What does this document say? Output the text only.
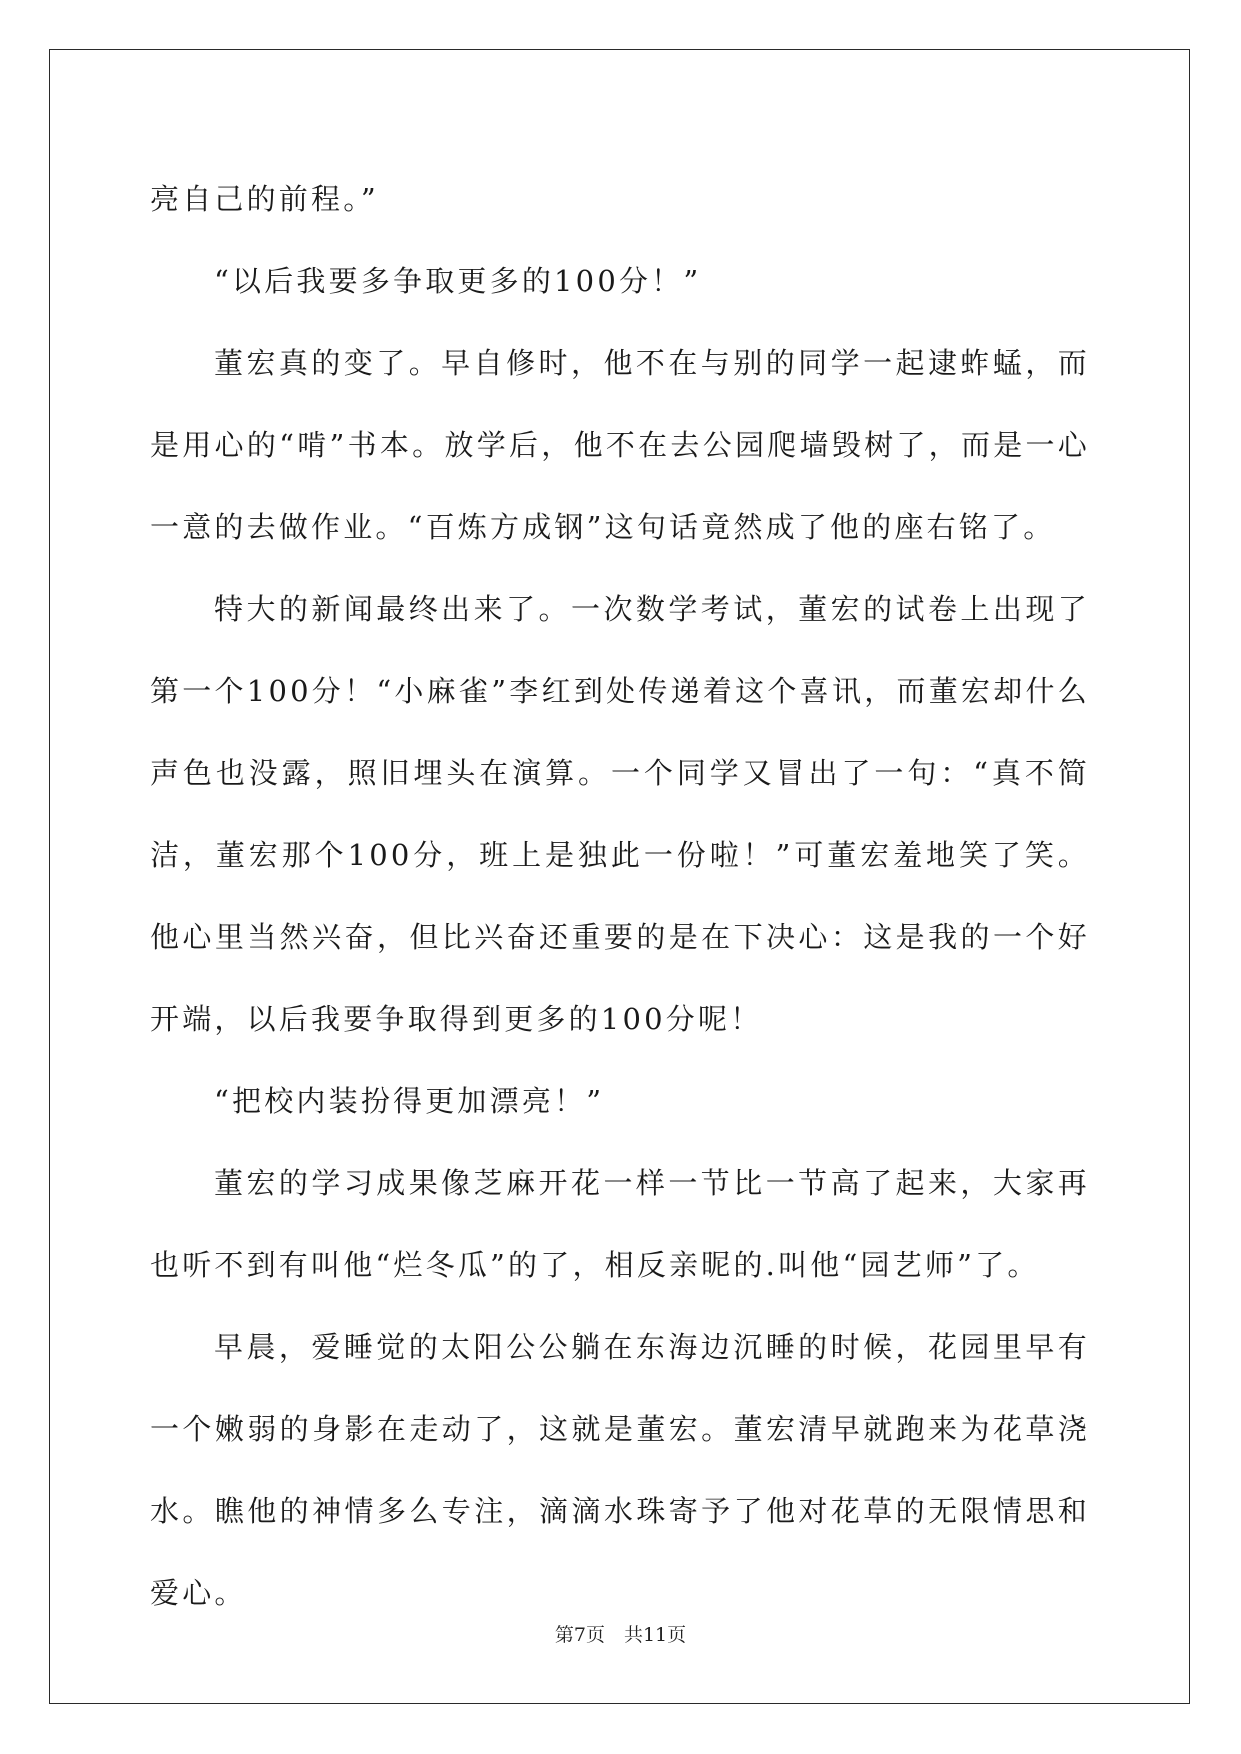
亮自己的前程。”

“以后我要多争取更多的100分！”

董宏真的变了。早自修时，他不在与别的同学一起逮蚱蜢，而是用心的“啃”书本。放学后，他不在去公园爬墙毁树了，而是一心一意的去做作业。“百炼方成钢”这句话竟然成了他的座右铭了。

特大的新闻最终出来了。一次数学考试，董宏的试卷上出现了第一个100分！“小麻雀”李红到处传递着这个喜讯，而董宏却什么声色也没露，照旧埋头在演算。一个同学又冒出了一句：“真不简洁，董宏那个100分，班上是独此一份啦！”可董宏羞地笑了笑。他心里当然兴奋，但比兴奋还重要的是在下决心：这是我的一个好开端，以后我要争取得到更多的100分呢！

“把校内装扮得更加漂亮！”

董宏的学习成果像芝麻开花一样一节比一节高了起来，大家再也听不到有叫他“烂冬瓜”的了，相反亲昵的.叫他“园艺师”了。

早晨，爱睡觉的太阳公公躺在东海边沉睡的时候，花园里早有一个嫩弱的身影在走动了，这就是董宏。董宏清早就跑来为花草浇水。瞧他的神情多么专注，滴滴水珠寄予了他对花草的无限情思和爱心。

第7页　共11页
